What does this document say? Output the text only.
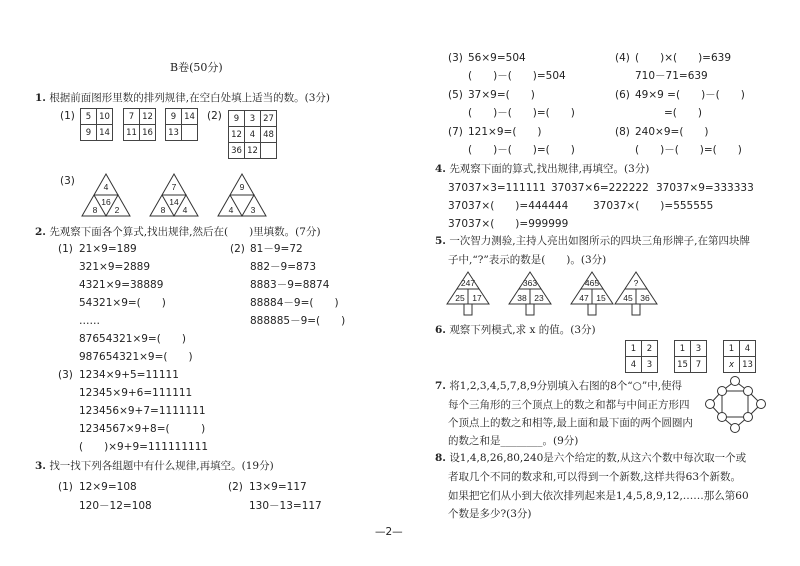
B卷(50分)
1. 根据前面图形里数的排列规律,在空白处填上适当的数。(3分)
(1) 5	10
9	14
7	12
11	16
9	14
13	
(2) 9	3	27
12	4	48
36	12	
(3)	4
16
8 2
7
14
8 4
9
4 3
2. 先观察下面各个算式,找出规律,然后在(　　)里填数。(7分)
(1) 21×9=189
321×9=2889
4321×9=38889
54321×9=(　　)
……
87654321×9=(　　)
987654321×9=(　　)
(2) 81－9=72
882－9=873
8883－9=8874
88884－9=(　　)
888885－9=(　　)
(3) 1234×9+5=11111
12345×9+6=111111
123456×9+7=1111111
1234567×9+8=(　　　)
(　　)×9+9=111111111
3. 找一找下列各组题中有什么规律,再填空。(19分)
(1) 12×9=108
120－12=108
(2) 13×9=117
130－13=117
—2—
(3) 56×9=504
(　　)－(　　)=504
(4) (　　)×(　　)=639
710－71=639
(5) 37×9=(　　)
(　　)－(　　)=(　　)
(6) 49×9 =(　　)－(　　)
=(　　)
(7) 121×9=(　　)
(　　)－(　　)=(　　)
(8) 240×9=(　　)
(　　)－(　　)=(　　)
4. 先观察下面的算式,找出规律,再填空。(3分)
37037×3=111111 37037×6=222222 37037×9=333333
37037×(　　)=444444 37037×(　　)=555555
37037×(　　)=999999
5. 一次智力测验,主持人亮出如图所示的四块三角形牌子,在第四块牌
子中,“?”表示的数是(　　)。(3分)
247
25 17
363
38 23
465
47 15
?
45 36
6. 观察下列模式,求 x 的值。(3分)
1	2
4	3
1	3
15	7
1	4
x	13
7. 将1,2,3,4,5,7,8,9分别填入右图的8个“○”中,使得
每个三角形的三个顶点上的数之和都与中间正方形四
个顶点上的数之和相等,最上面和最下面的两个圆圈内
的数之和是________。(9分)
8. 设1,4,8,26,80,240是六个给定的数,从这六个数中每次取一个或
者取几个不同的数求和,可以得到一个新数,这样共得63个新数。
如果把它们从小到大依次排列起来是1,4,5,8,9,12,……那么第60
个数是多少?(3分)
